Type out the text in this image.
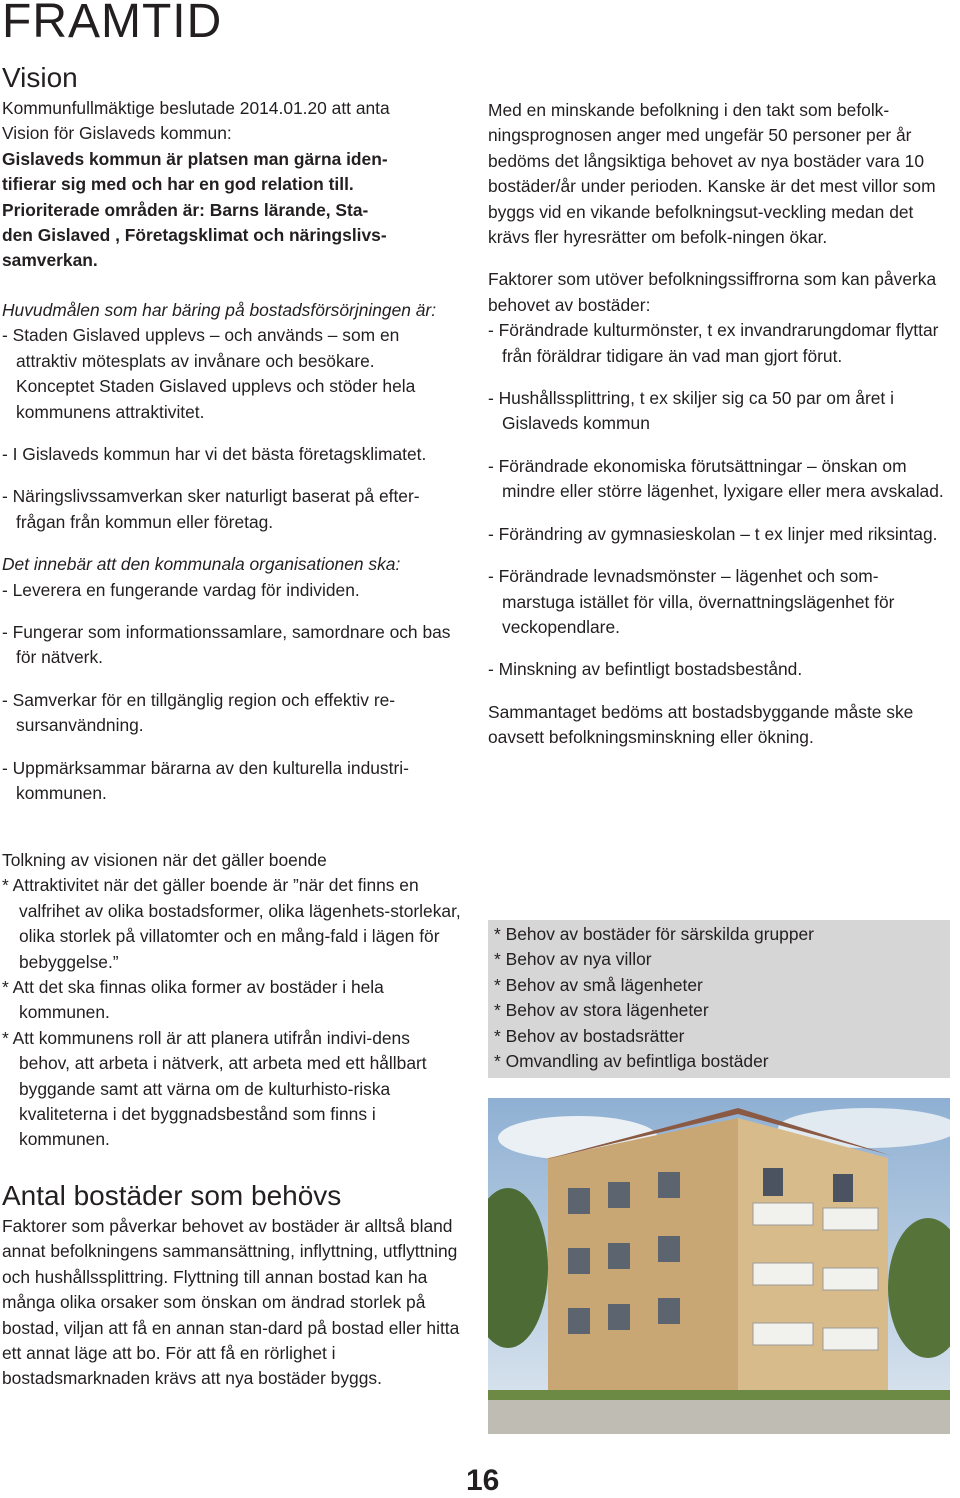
FRAMTID
Vision

Kommunfullmäktige beslutade 2014.01.20 att anta

Vision för Gislaveds kommun:

Gislaveds kommun är platsen man gärna iden-

tifierar sig med och har en god relation till.

Prioriterade områden är: Barns lärande, Sta-

den Gislaved , Företagsklimat och näringslivs-

samverkan.

Huvudmålen som har bäring på bostadsförsörjningen är:

- Staden Gislaved upplevs – och används – som en attraktiv mötesplats av invånare och besökare.

Konceptet Staden Gislaved upplevs och stöder hela kommunens attraktivitet.

- I Gislaveds kommun har vi det bästa företagsklimatet.

- Näringslivssamverkan sker naturligt baserat på efter-frågan från kommun eller företag.

Det innebär att den kommunala organisationen ska:

- Leverera en fungerande vardag för individen.

- Fungerar som informationssamlare, samordnare och bas för nätverk.

- Samverkar för en tillgänglig region och effektiv re-sursanvändning.

- Uppmärksammar bärarna av den kulturella industri-kommunen.

Tolkning av visionen när det gäller boende

* Attraktivitet när det gäller boende är ”när det finns en valfrihet av olika bostadsformer, olika lägenhets-storlekar, olika storlek på villatomter och en mång-fald i lägen för bebyggelse.”

* Att det ska finnas olika former av bostäder i hela kommunen.

* Att kommunens roll är att planera utifrån indivi-dens behov, att arbeta i nätverk, att arbeta med ett hållbart byggande samt att värna om de kulturhisto-riska kvaliteterna i det byggnadsbestånd som finns i kommunen.

Antal bostäder som behövs

Faktorer som påverkar behovet av bostäder är alltså bland annat befolkningens sammansättning, inflyttning, utflyttning och hushållssplittring. Flyttning till annan bostad kan ha många olika orsaker som önskan om ändrad storlek på bostad, viljan att få en annan stan-dard på bostad eller hitta ett annat läge att bo. För att få en rörlighet i bostadsmarknaden krävs att nya bostäder byggs.

Med en minskande befolkning i den takt som befolk-ningsprognosen anger med ungefär 50 personer per år bedöms det långsiktiga behovet av nya bostäder vara 10 bostäder/år under perioden. Kanske är det mest villor som byggs vid en vikande befolkningsut-veckling medan det krävs fler hyresrätter om befolk-ningen ökar.

Faktorer som utöver befolkningssiffrorna som kan påverka behovet av bostäder:

- Förändrade kulturmönster, t ex invandrarungdomar flyttar från föräldrar tidigare än vad man gjort förut.

- Hushållssplittring, t ex skiljer sig ca 50 par om året i Gislaveds kommun

- Förändrade ekonomiska förutsättningar – önskan om mindre eller större lägenhet, lyxigare eller mera avskalad.

- Förändring av gymnasieskolan – t ex linjer med riksintag.

- Förändrade levnadsmönster – lägenhet och som-marstuga istället för villa, övernattningslägenhet för veckopendlare.

- Minskning av befintligt bostadsbestånd.

Sammantaget bedöms att bostadsbyggande måste ske oavsett befolkningsminskning eller ökning.

* Behov av bostäder för särskilda grupper

* Behov av nya villor

* Behov av små lägenheter

* Behov av stora lägenheter

* Behov av bostadsrätter

* Omvandling av befintliga bostäder

16
